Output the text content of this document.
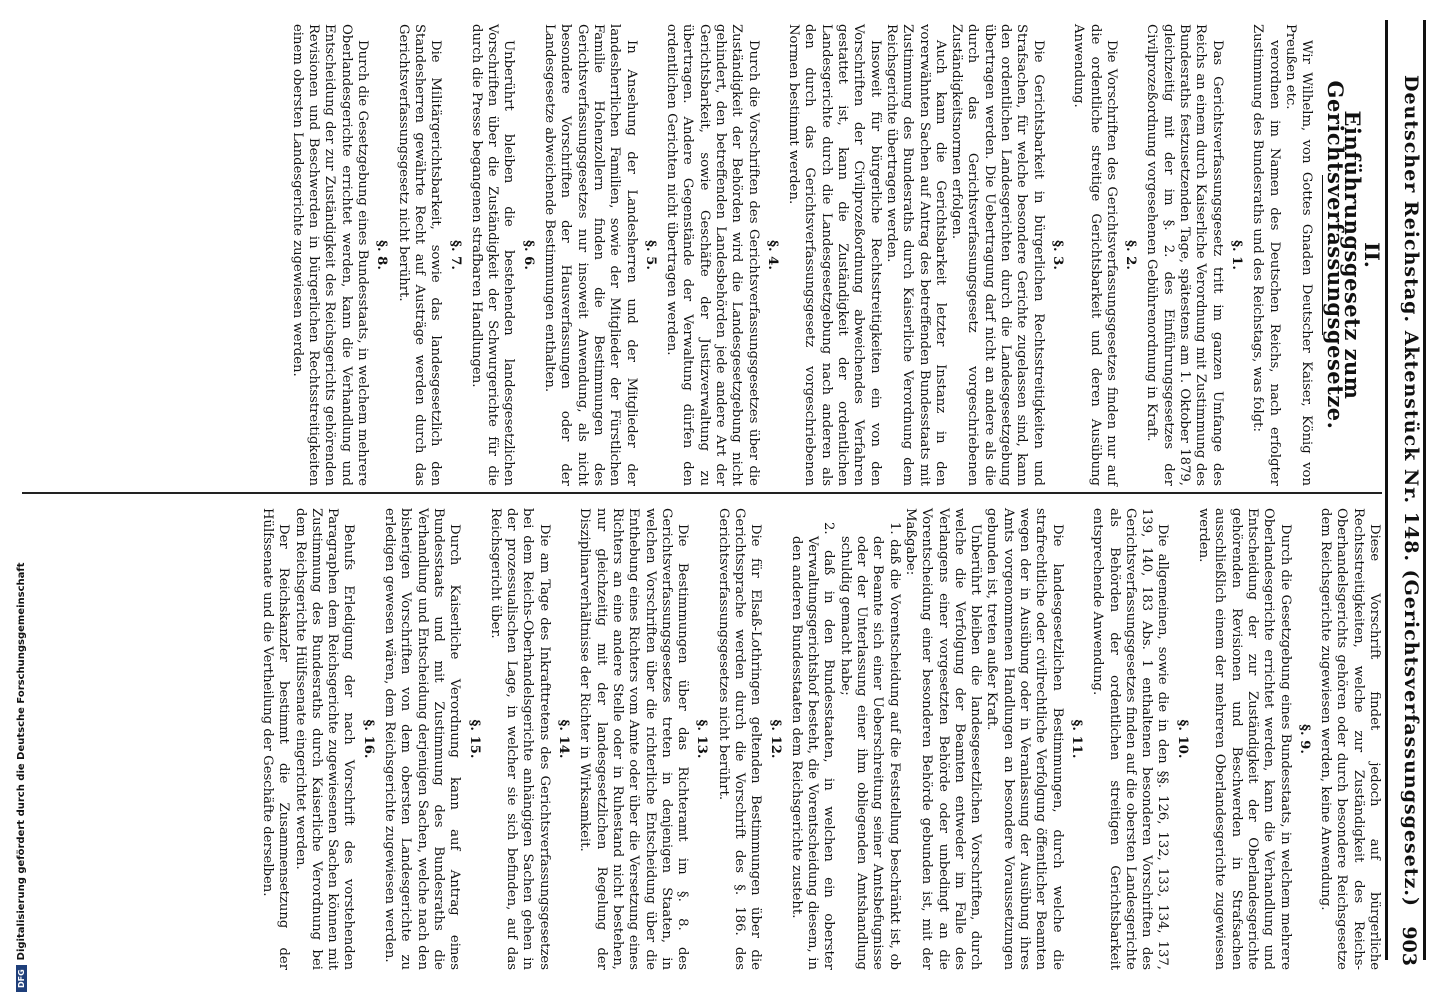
Deutscher Reichstag. Aktenstück Nr. 148. (Gerichtsverfassungsgesetz.)
903
II.
Einführungsgesetz zum Gerichtsverfassungsgesetze.

Wir Wilhelm, von Gottes Gnaden Deutscher Kaiser, König von Preußen etc.

verordnen im Namen des Deutschen Reichs, nach erfolgter Zustimmung des Bundesraths und des Reichstags, was folgt:

§. 1.

Das Gerichtsverfassungsgesetz tritt im ganzen Umfange des Reichs an einem durch Kaiserliche Verordnung mit Zustimmung des Bundesraths festzusetzenden Tage, spätestens am 1. Oktober 1879, gleichzeitig mit der im §. 2. des Einführungsgesetzes der Civilprozeßordnung vorgesehenen Gebührenordnung in Kraft.

§. 2.

Die Vorschriften des Gerichtsverfassungsgesetzes finden nur auf die ordentliche streitige Gerichtsbarkeit und deren Ausübung Anwendung.

§. 3.

Die Gerichtsbarkeit in bürgerlichen Rechtsstreitigkeiten und Strafsachen, für welche besondere Gerichte zugelassen sind, kann den ordentlichen Landesgerichten durch die Landesgesetzgebung übertragen werden. Die Uebertragung darf nicht an andere als die durch das Gerichtsverfassungsgesetz vorgeschriebenen Zuständigkeitsnormen erfolgen.

Auch kann die Gerichtsbarkeit letzter Instanz in den vorerwähnten Sachen auf Antrag des betreffenden Bundesstaats mit Zustimmung des Bundesraths durch Kaiserliche Verordnung dem Reichsgerichte übertragen werden.

Insoweit für bürgerliche Rechtsstreitigkeiten ein von den Vorschriften der Civilprozeßordnung abweichendes Verfahren gestattet ist, kann die Zuständigkeit der ordentlichen Landesgerichte durch die Landesgesetzgebung nach anderen als den durch das Gerichtsverfassungsgesetz vorgeschriebenen Normen bestimmt werden.

§. 4.

Durch die Vorschriften des Gerichtsverfassungsgesetzes über die Zuständigkeit der Behörden wird die Landesgesetzgebung nicht gehindert, den betreffenden Landesbehörden jede andere Art der Gerichtsbarkeit, sowie Geschäfte der Justizverwaltung zu übertragen. Andere Gegenstände der Verwaltung dürfen den ordentlichen Gerichten nicht übertragen werden.

§. 5.

In Ansehung der Landesherren und der Mitglieder der landesherrlichen Familien, sowie der Mitglieder der Fürstlichen Familie Hohenzollern finden die Bestimmungen des Gerichtsverfassungsgesetzes nur insoweit Anwendung, als nicht besondere Vorschriften der Hausverfassungen oder der Landesgesetze abweichende Bestimmungen enthalten.

§. 6.

Unberührt bleiben die bestehenden landesgesetzlichen Vorschriften über die Zuständigkeit der Schwurgerichte für die durch die Presse begangenen strafbaren Handlungen.

§. 7.

Die Militärgerichtsbarkeit, sowie das landesgesetzlich den Standesherren gewährte Recht auf Austräge werden durch das Gerichtsverfassungsgesetz nicht berührt.

§. 8.

Durch die Gesetzgebung eines Bundesstaats, in welchem mehrere Oberlandesgerichte errichtet werden, kann die Verhandlung und Entscheidung der zur Zuständigkeit des Reichsgerichts gehörenden Revisionen und Beschwerden in bürgerlichen Rechtsstreitigkeiten einem obersten Landesgerichte zugewiesen werden.

Diese Vorschrift findet jedoch auf bürgerliche Rechtsstreitigkeiten, welche zur Zuständigkeit des Reichs-Oberhandelsgerichts gehören oder durch besondere Reichsgesetze dem Reichsgerichte zugewiesen werden, keine Anwendung.

§. 9.

Durch die Gesetzgebung eines Bundesstaats, in welchem mehrere Oberlandesgerichte errichtet werden, kann die Verhandlung und Entscheidung der zur Zuständigkeit der Oberlandesgerichte gehörenden Revisionen und Beschwerden in Strafsachen ausschließlich einem der mehreren Oberlandesgerichte zugewiesen werden.

§. 10.

Die allgemeinen, sowie die in den §§. 126, 132, 133, 134, 137, 139, 140, 183 Abs. 1 enthaltenen besonderen Vorschriften des Gerichtsverfassungsgesetzes finden auf die obersten Landesgerichte als Behörden der ordentlichen streitigen Gerichtsbarkeit entsprechende Anwendung.

§. 11.

Die landesgesetzlichen Bestimmungen, durch welche die strafrechtliche oder civilrechtliche Verfolgung öffentlicher Beamten wegen der in Ausübung oder in Veranlassung der Ausübung ihres Amts vorgenommenen Handlungen an besondere Voraussetzungen gebunden ist, treten außer Kraft.

Unberührt bleiben die landesgesetzlichen Vorschriften, durch welche die Verfolgung der Beamten entweder im Falle des Verlangens einer vorgesetzten Behörde oder unbedingt an die Vorentscheidung einer besonderen Behörde gebunden ist, mit der Maßgabe:

1. daß die Vorentscheidung auf die Feststellung beschränkt ist, ob der Beamte sich einer Ueberschreitung seiner Amtsbefugnisse oder der Unterlassung einer ihm obliegenden Amtshandlung schuldig gemacht habe;

2. daß in den Bundesstaaten, in welchen ein oberster Verwaltungsgerichtshof besteht, die Vorentscheidung diesem, in den anderen Bundesstaaten dem Reichsgerichte zusteht.

§. 12.

Die für Elsaß-Lothringen geltenden Bestimmungen über die Gerichtssprache werden durch die Vorschrift des §. 186. des Gerichtsverfassungsgesetzes nicht berührt.

§. 13.

Die Bestimmungen über das Richteramt im §. 8. des Gerichtsverfassungsgesetzes treten in denjenigen Staaten, in welchen Vorschriften über die richterliche Entscheidung über die Enthebung eines Richters vom Amte oder über die Versetzung eines Richters an eine andere Stelle oder in Ruhestand nicht bestehen, nur gleichzeitig mit der landesgesetzlichen Regelung der Disziplinarverhältnisse der Richter in Wirksamkeit.

§. 14.

Die am Tage des Inkrafttretens des Gerichtsverfassungsgesetzes bei dem Reichs-Oberhandelsgerichte anhängigen Sachen gehen in der prozessualischen Lage, in welcher sie sich befinden, auf das Reichsgericht über.

§. 15.

Durch Kaiserliche Verordnung kann auf Antrag eines Bundesstaats und mit Zustimmung des Bundesraths die Verhandlung und Entscheidung derjenigen Sachen, welche nach den bisherigen Vorschriften von dem obersten Landesgerichte zu erledigen gewesen wären, dem Reichsgerichte zugewiesen werden.

§. 16.

Behufs Erledigung der nach Vorschrift des vorstehenden Paragraphen dem Reichsgerichte zugewiesenen Sachen können mit Zustimmung des Bundesraths durch Kaiserliche Verordnung bei dem Reichsgerichte Hülfssenate eingerichtet werden.

Der Reichskanzler bestimmt die Zusammensetzung der Hülfssenate und die Vertheilung der Geschäfte derselben.

DFG
Digitalisierung gefördert durch die Deutsche Forschungsgemeinschaft
